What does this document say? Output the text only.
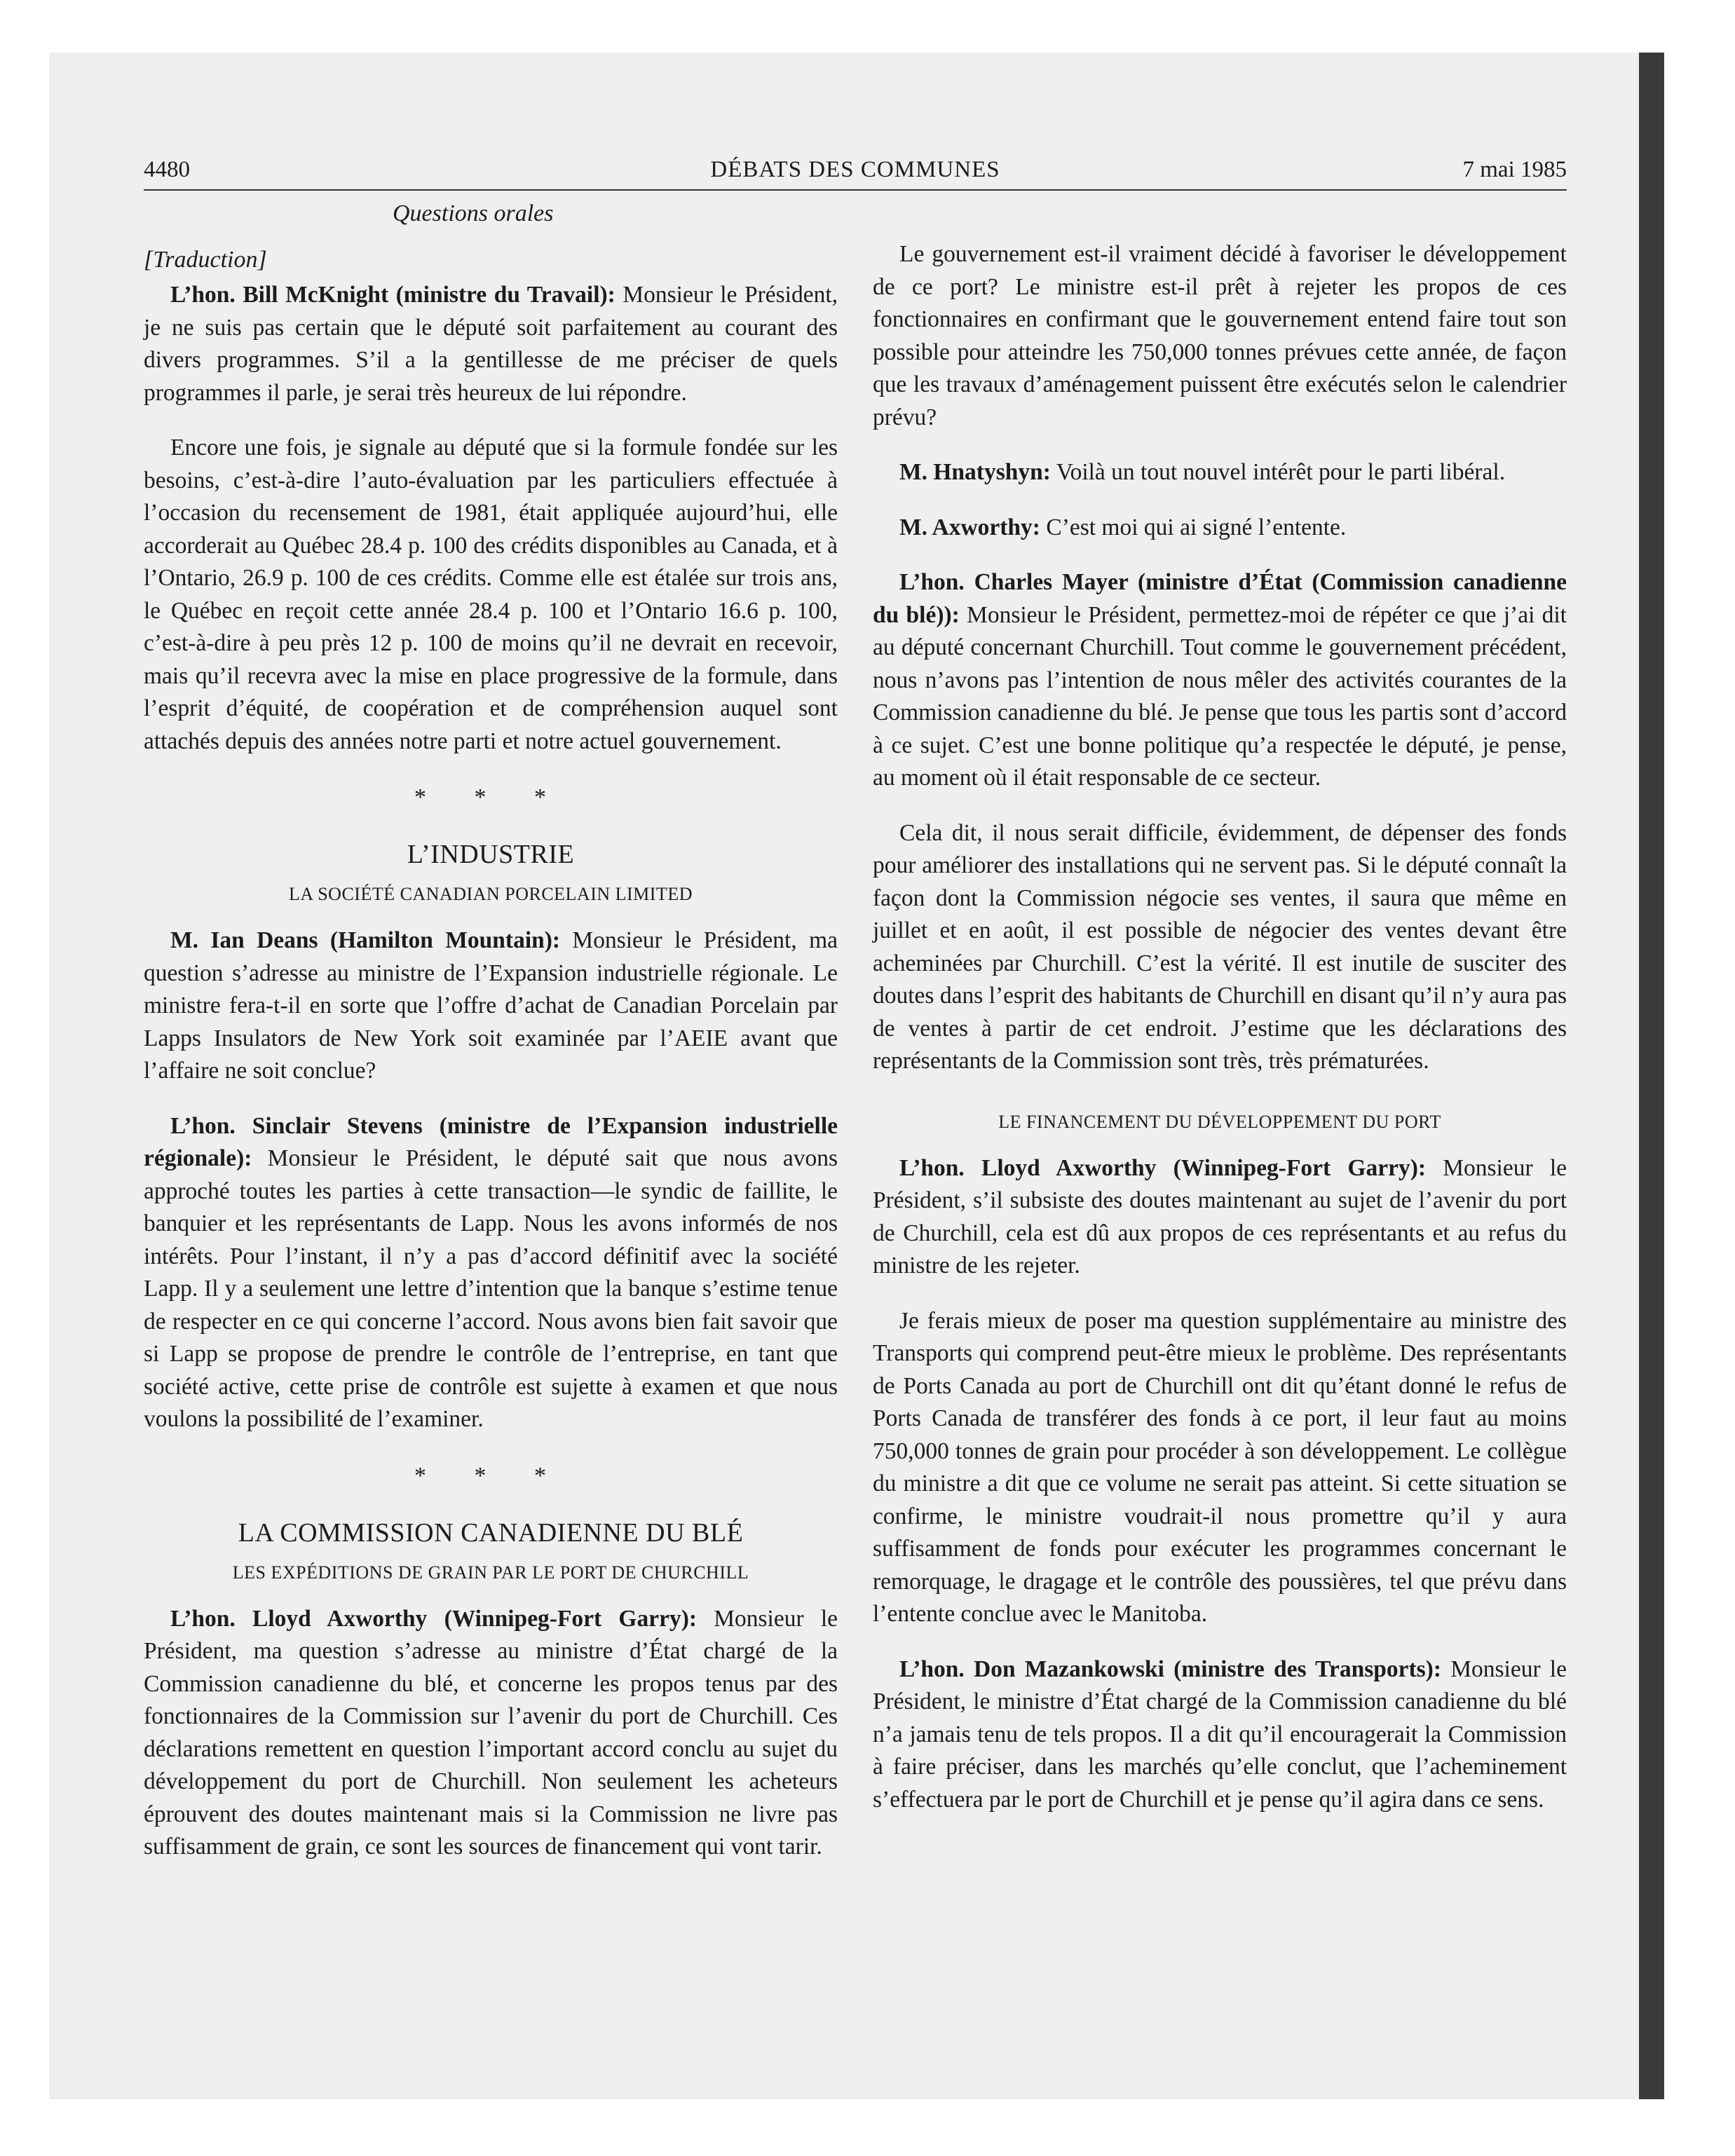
4480	DÉBATS DES COMMUNES	7 mai 1985
Questions orales
[Traduction]

L’hon. Bill McKnight (ministre du Travail): Monsieur le Président, je ne suis pas certain que le député soit parfaitement au courant des divers programmes. S’il a la gentillesse de me préciser de quels programmes il parle, je serai très heureux de lui répondre.

Encore une fois, je signale au député que si la formule fondée sur les besoins, c’est-à-dire l’auto-évaluation par les particuliers effectuée à l’occasion du recensement de 1981, était appliquée aujourd’hui, elle accorderait au Québec 28.4 p. 100 des crédits disponibles au Canada, et à l’Ontario, 26.9 p. 100 de ces crédits. Comme elle est étalée sur trois ans, le Québec en reçoit cette année 28.4 p. 100 et l’Ontario 16.6 p. 100, c’est-à-dire à peu près 12 p. 100 de moins qu’il ne devrait en recevoir, mais qu’il recevra avec la mise en place progressive de la formule, dans l’esprit d’équité, de coopération et de compréhension auquel sont attachés depuis des années notre parti et notre actuel gouvernement.

* * *
L’INDUSTRIE
LA SOCIÉTÉ CANADIAN PORCELAIN LIMITED

M. Ian Deans (Hamilton Mountain): Monsieur le Président, ma question s’adresse au ministre de l’Expansion industrielle régionale. Le ministre fera-t-il en sorte que l’offre d’achat de Canadian Porcelain par Lapps Insulators de New York soit examinée par l’AEIE avant que l’affaire ne soit conclue?

L’hon. Sinclair Stevens (ministre de l’Expansion industrielle régionale): Monsieur le Président, le député sait que nous avons approché toutes les parties à cette transaction—le syndic de faillite, le banquier et les représentants de Lapp. Nous les avons informés de nos intérêts. Pour l’instant, il n’y a pas d’accord définitif avec la société Lapp. Il y a seulement une lettre d’intention que la banque s’estime tenue de respecter en ce qui concerne l’accord. Nous avons bien fait savoir que si Lapp se propose de prendre le contrôle de l’entreprise, en tant que société active, cette prise de contrôle est sujette à examen et que nous voulons la possibilité de l’examiner.

* * *
LA COMMISSION CANADIENNE DU BLÉ
LES EXPÉDITIONS DE GRAIN PAR LE PORT DE CHURCHILL

L’hon. Lloyd Axworthy (Winnipeg-Fort Garry): Monsieur le Président, ma question s’adresse au ministre d’État chargé de la Commission canadienne du blé, et concerne les propos tenus par des fonctionnaires de la Commission sur l’avenir du port de Churchill. Ces déclarations remettent en question l’important accord conclu au sujet du développement du port de Churchill. Non seulement les acheteurs éprouvent des doutes maintenant mais si la Commission ne livre pas suffisamment de grain, ce sont les sources de financement qui vont tarir.

Le gouvernement est-il vraiment décidé à favoriser le développement de ce port? Le ministre est-il prêt à rejeter les propos de ces fonctionnaires en confirmant que le gouvernement entend faire tout son possible pour atteindre les 750,000 tonnes prévues cette année, de façon que les travaux d’aménagement puissent être exécutés selon le calendrier prévu?

M. Hnatyshyn: Voilà un tout nouvel intérêt pour le parti libéral.

M. Axworthy: C’est moi qui ai signé l’entente.

L’hon. Charles Mayer (ministre d’État (Commission canadienne du blé)): Monsieur le Président, permettez-moi de répéter ce que j’ai dit au député concernant Churchill. Tout comme le gouvernement précédent, nous n’avons pas l’intention de nous mêler des activités courantes de la Commission canadienne du blé. Je pense que tous les partis sont d’accord à ce sujet. C’est une bonne politique qu’a respectée le député, je pense, au moment où il était responsable de ce secteur.

Cela dit, il nous serait difficile, évidemment, de dépenser des fonds pour améliorer des installations qui ne servent pas. Si le député connaît la façon dont la Commission négocie ses ventes, il saura que même en juillet et en août, il est possible de négocier des ventes devant être acheminées par Churchill. C’est la vérité. Il est inutile de susciter des doutes dans l’esprit des habitants de Churchill en disant qu’il n’y aura pas de ventes à partir de cet endroit. J’estime que les déclarations des représentants de la Commission sont très, très prématurées.

LE FINANCEMENT DU DÉVELOPPEMENT DU PORT

L’hon. Lloyd Axworthy (Winnipeg-Fort Garry): Monsieur le Président, s’il subsiste des doutes maintenant au sujet de l’avenir du port de Churchill, cela est dû aux propos de ces représentants et au refus du ministre de les rejeter.

Je ferais mieux de poser ma question supplémentaire au ministre des Transports qui comprend peut-être mieux le problème. Des représentants de Ports Canada au port de Churchill ont dit qu’étant donné le refus de Ports Canada de transférer des fonds à ce port, il leur faut au moins 750,000 tonnes de grain pour procéder à son développement. Le collègue du ministre a dit que ce volume ne serait pas atteint. Si cette situation se confirme, le ministre voudrait-il nous promettre qu’il y aura suffisamment de fonds pour exécuter les programmes concernant le remorquage, le dragage et le contrôle des poussières, tel que prévu dans l’entente conclue avec le Manitoba.

L’hon. Don Mazankowski (ministre des Transports): Monsieur le Président, le ministre d’État chargé de la Commission canadienne du blé n’a jamais tenu de tels propos. Il a dit qu’il encouragerait la Commission à faire préciser, dans les marchés qu’elle conclut, que l’acheminement s’effectuera par le port de Churchill et je pense qu’il agira dans ce sens.
